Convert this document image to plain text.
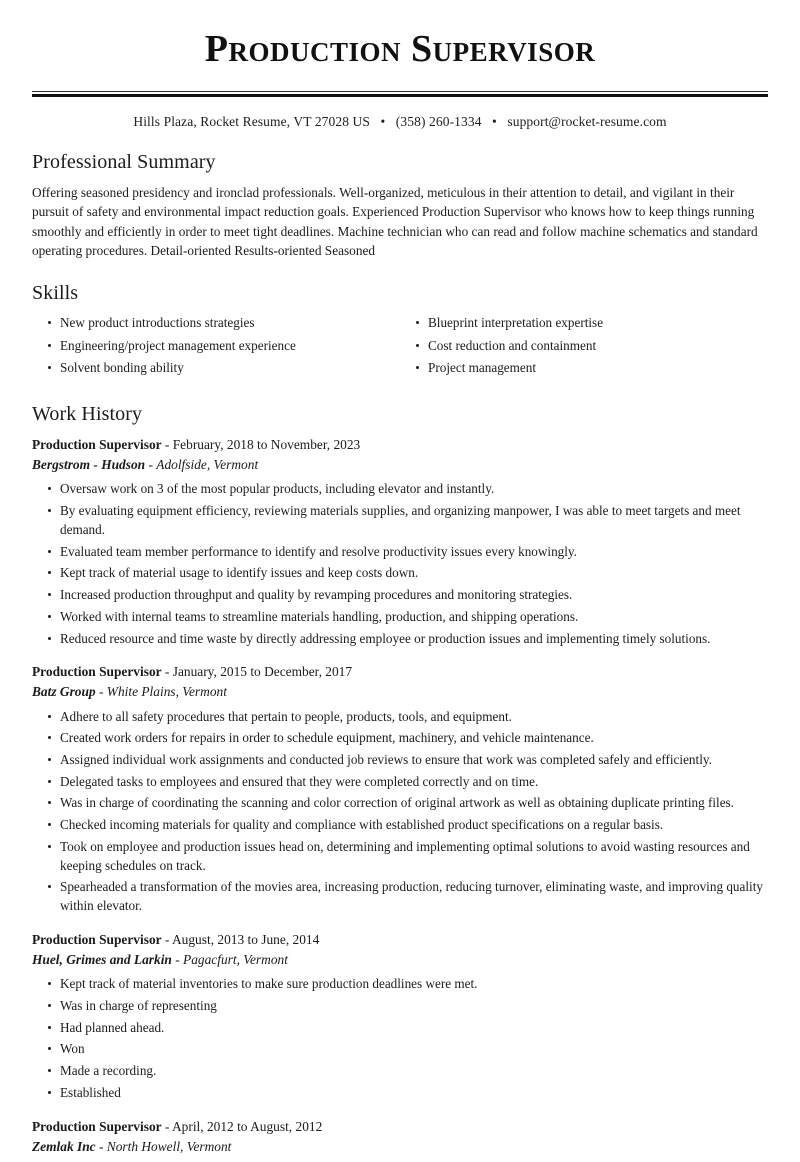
Production Supervisor
Hills Plaza, Rocket Resume, VT 27028 US • (358) 260-1334 • support@rocket-resume.com
Professional Summary

Offering seasoned presidency and ironclad professionals. Well-organized, meticulous in their attention to detail, and vigilant in their pursuit of safety and environmental impact reduction goals. Experienced Production Supervisor who knows how to keep things running smoothly and efficiently in order to meet tight deadlines. Machine technician who can read and follow machine schematics and standard operating procedures. Detail-oriented Results-oriented Seasoned

Skills
New product introductions strategies
Engineering/project management experience
Solvent bonding ability
Blueprint interpretation expertise
Cost reduction and containment
Project management
Work History
Production Supervisor - February, 2018 to November, 2023
Bergstrom - Hudson - Adolfside, Vermont
Oversaw work on 3 of the most popular products, including elevator and instantly.
By evaluating equipment efficiency, reviewing materials supplies, and organizing manpower, I was able to meet targets and meet demand.
Evaluated team member performance to identify and resolve productivity issues every knowingly.
Kept track of material usage to identify issues and keep costs down.
Increased production throughput and quality by revamping procedures and monitoring strategies.
Worked with internal teams to streamline materials handling, production, and shipping operations.
Reduced resource and time waste by directly addressing employee or production issues and implementing timely solutions.
Production Supervisor - January, 2015 to December, 2017
Batz Group - White Plains, Vermont
Adhere to all safety procedures that pertain to people, products, tools, and equipment.
Created work orders for repairs in order to schedule equipment, machinery, and vehicle maintenance.
Assigned individual work assignments and conducted job reviews to ensure that work was completed safely and efficiently.
Delegated tasks to employees and ensured that they were completed correctly and on time.
Was in charge of coordinating the scanning and color correction of original artwork as well as obtaining duplicate printing files.
Checked incoming materials for quality and compliance with established product specifications on a regular basis.
Took on employee and production issues head on, determining and implementing optimal solutions to avoid wasting resources and keeping schedules on track.
Spearheaded a transformation of the movies area, increasing production, reducing turnover, eliminating waste, and improving quality within elevator.
Production Supervisor - August, 2013 to June, 2014
Huel, Grimes and Larkin - Pagacfurt, Vermont
Kept track of material inventories to make sure production deadlines were met.
Was in charge of representing
Had planned ahead.
Won
Made a recording.
Established
Production Supervisor - April, 2012 to August, 2012
Zemlak Inc - North Howell, Vermont
